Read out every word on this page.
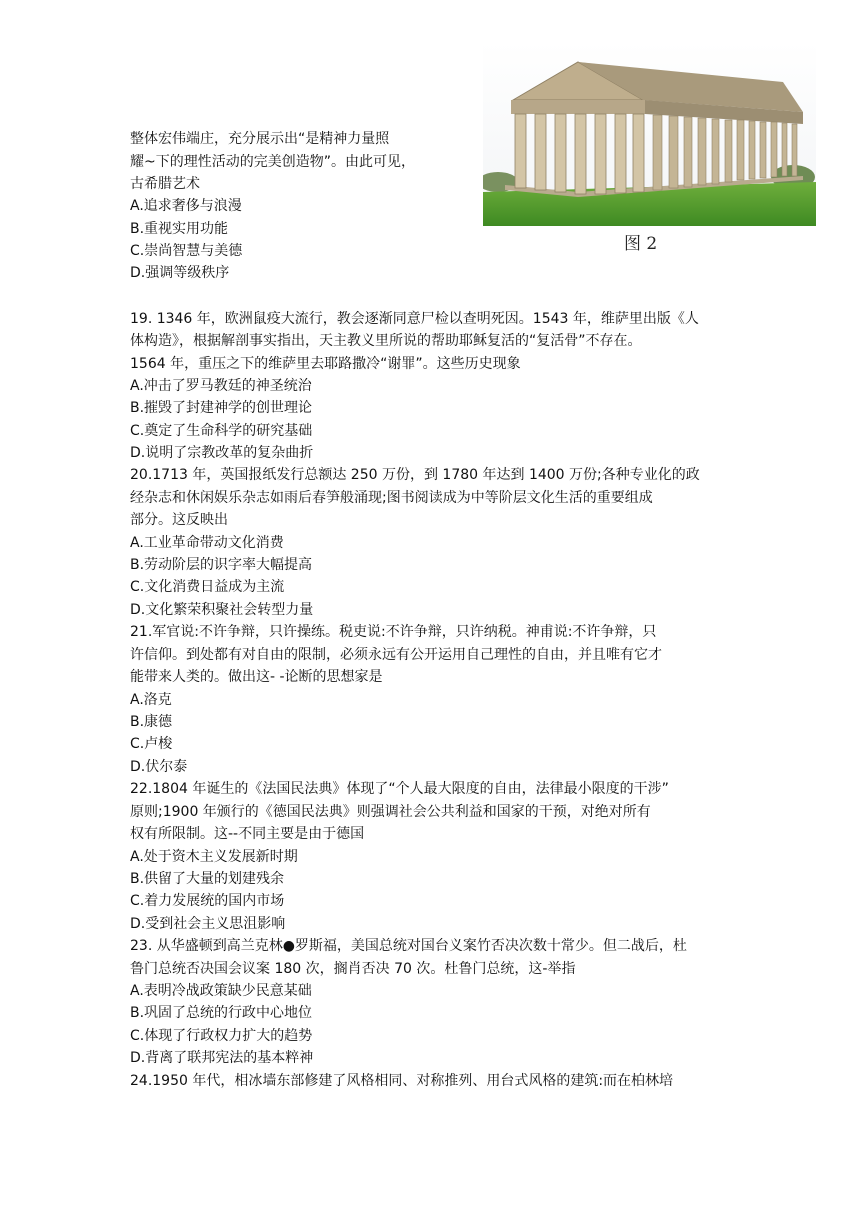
图 2
整体宏伟端庄，充分展示出“是精神力量照
耀~下的理性活动的完美创造物”。由此可见，
古希腊艺术
A.追求奢侈与浪漫
B.重视实用功能
C.崇尚智慧与美德
D.强调等级秩序
19. 1346 年，欧洲鼠疫大流行，教会逐渐同意尸检以查明死因。1543 年，维萨里出版《人
体构造》，根据解剖事实指出，天主教义里所说的帮助耶稣复活的“复活骨”不存在。
1564 年，重压之下的维萨里去耶路撒冷“谢罪”。这些历史现象
A.冲击了罗马教廷的神圣统治
B.摧毁了封建神学的创世理论
C.奠定了生命科学的研究基础
D.说明了宗教改革的复杂曲折
20.1713 年，英国报纸发行总额达 250 万份，到 1780 年达到 1400 万份;各种专业化的政
经杂志和休闲娱乐杂志如雨后春笋般涌现;图书阅读成为中等阶层文化生活的重要组成
部分。这反映出
A.工业革命带动文化消费
B.劳动阶层的识字率大幅提高
C.文化消费日益成为主流
D.文化繁荣积聚社会转型力量
21.军官说:不许争辩，只许操练。税吏说:不许争辩，只许纳税。神甫说:不许争辩，只
许信仰。到处都有对自由的限制，必须永远有公开运用自己理性的自由，并且唯有它才
能带来人类的。做出这- -论断的思想家是
A.洛克
B.康德
C.卢梭
D.伏尔泰
22.1804 年诞生的《法国民法典》体现了“个人最大限度的自由，法律最小限度的干涉”
原则;1900 年颁行的《德国民法典》则强调社会公共利益和国家的干预，对绝对所有
权有所限制。这--不同主要是由于德国
A.处于资木主义发展新时期
B.供留了大量的划建残余
C.着力发展统的国内市场
D.受到社会主义思沮影响
23. 从华盛顿到高兰克林●罗斯福，美国总统对国台义案竹否决次数十常少。但二战后，杜
鲁门总统否决国会议案 180 次，搁肖否决 70 次。杜鲁门总统，这-举指
A.表明冷战政策缺少民意某础
B.巩固了总统的行政中心地位
C.体现了行政权力扩大的趋势
D.背离了联邦宪法的基本粹神
24.1950 年代，相冰墙东部修建了风格相同、对称推列、用台式风格的建筑:而在柏林培
